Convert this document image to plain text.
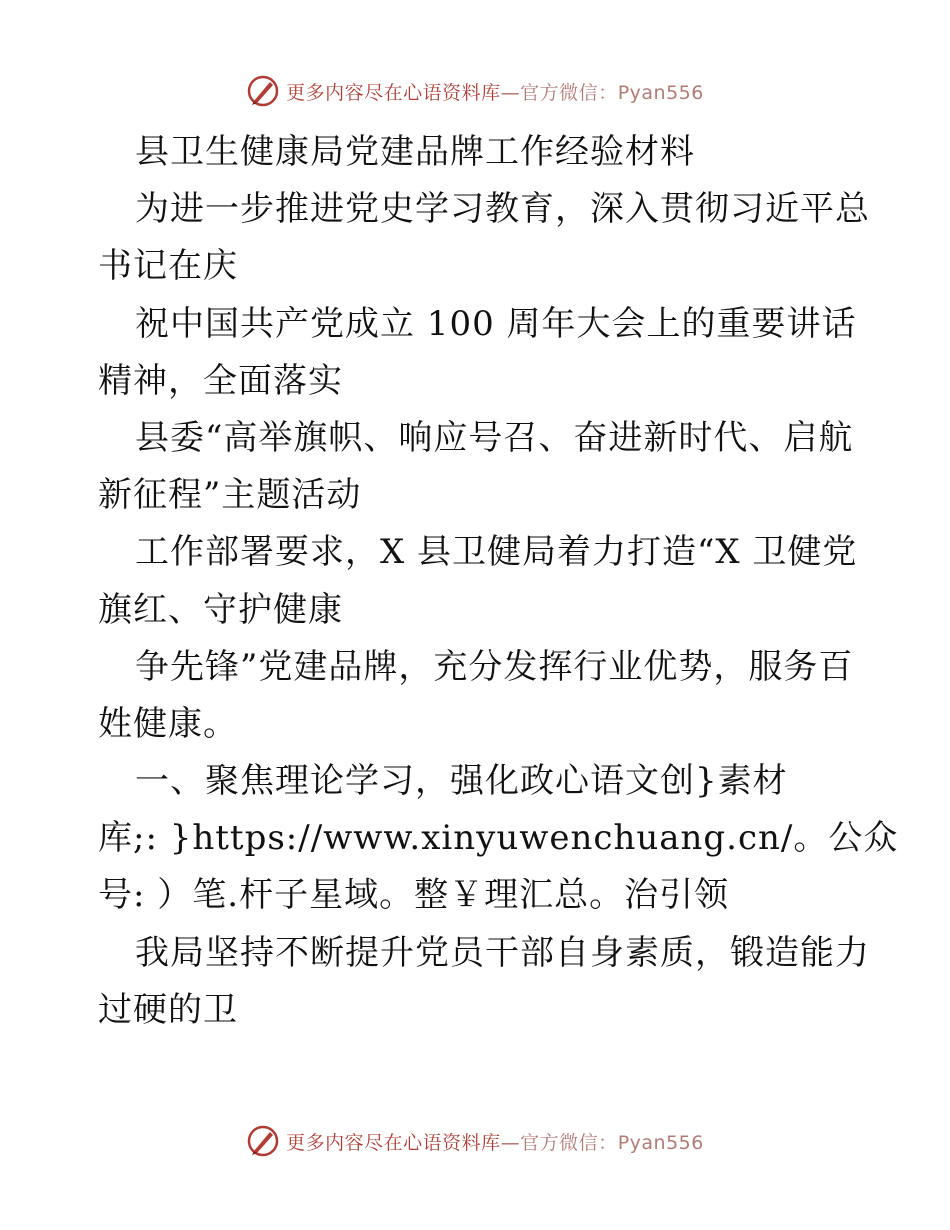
更多内容尽在心语资料库—官方微信：Pyan556
县卫生健康局党建品牌工作经验材料
为进一步推进党史学习教育，深入贯彻习近平总
书记在庆
祝中国共产党成立 100 周年大会上的重要讲话
精神，全面落实
县委“高举旗帜、响应号召、奋进新时代、启航
新征程”主题活动
工作部署要求，X 县卫健局着力打造“X 卫健党
旗红、守护健康
争先锋”党建品牌，充分发挥行业优势，服务百
姓健康。
一、聚焦理论学习，强化政心语文创}素材
库;: }https://www.xinyuwenchuang.cn/。公众
号: ）笔.杆子星域。整￥理汇总。治引领
我局坚持不断提升党员干部自身素质，锻造能力
过硬的卫
更多内容尽在心语资料库—官方微信：Pyan556
